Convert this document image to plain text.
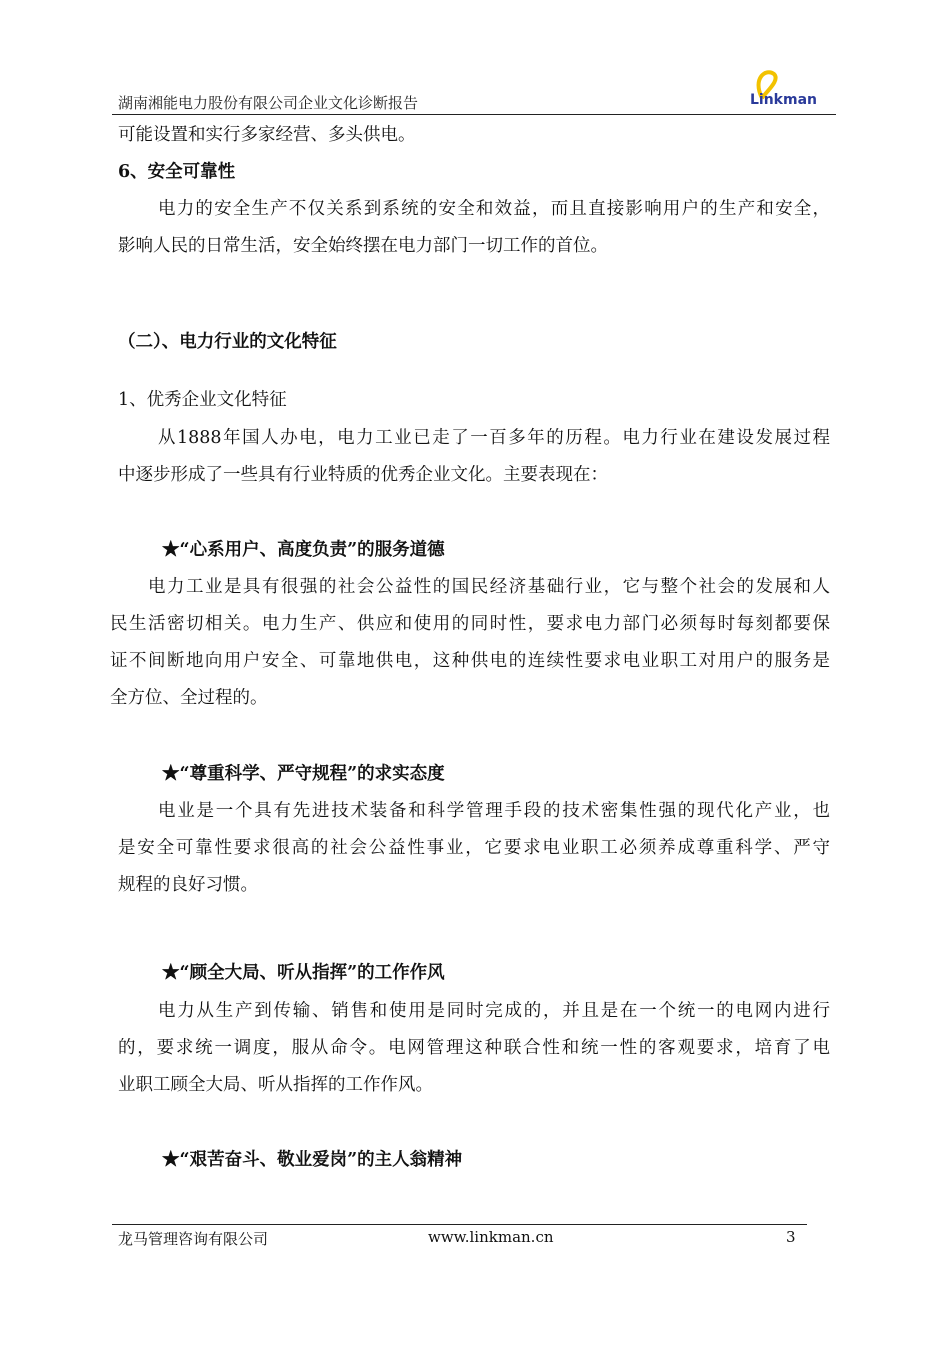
湖南湘能电力股份有限公司企业文化诊断报告	Linkman
可能设置和实行多家经营、多头供电。
6、安全可靠性
电力的安全生产不仅关系到系统的安全和效益，而且直接影响用户的生产和安全，
影响人民的日常生活，安全始终摆在电力部门一切工作的首位。
（二）、电力行业的文化特征
1、优秀企业文化特征
从1888年国人办电，电力工业已走了一百多年的历程。电力行业在建设发展过程
中逐步形成了一些具有行业特质的优秀企业文化。主要表现在：
★“心系用户、高度负责”的服务道德
电力工业是具有很强的社会公益性的国民经济基础行业，它与整个社会的发展和人
民生活密切相关。电力生产、供应和使用的同时性，要求电力部门必须每时每刻都要保
证不间断地向用户安全、可靠地供电，这种供电的连续性要求电业职工对用户的服务是
全方位、全过程的。
★“尊重科学、严守规程”的求实态度
电业是一个具有先进技术装备和科学管理手段的技术密集性强的现代化产业，也
是安全可靠性要求很高的社会公益性事业，它要求电业职工必须养成尊重科学、严守
规程的良好习惯。
★“顾全大局、听从指挥”的工作作风
电力从生产到传输、销售和使用是同时完成的，并且是在一个统一的电网内进行
的，要求统一调度，服从命令。电网管理这种联合性和统一性的客观要求，培育了电
业职工顾全大局、听从指挥的工作作风。
★“艰苦奋斗、敬业爱岗”的主人翁精神
龙马管理咨询有限公司	www.linkman.cn	3
